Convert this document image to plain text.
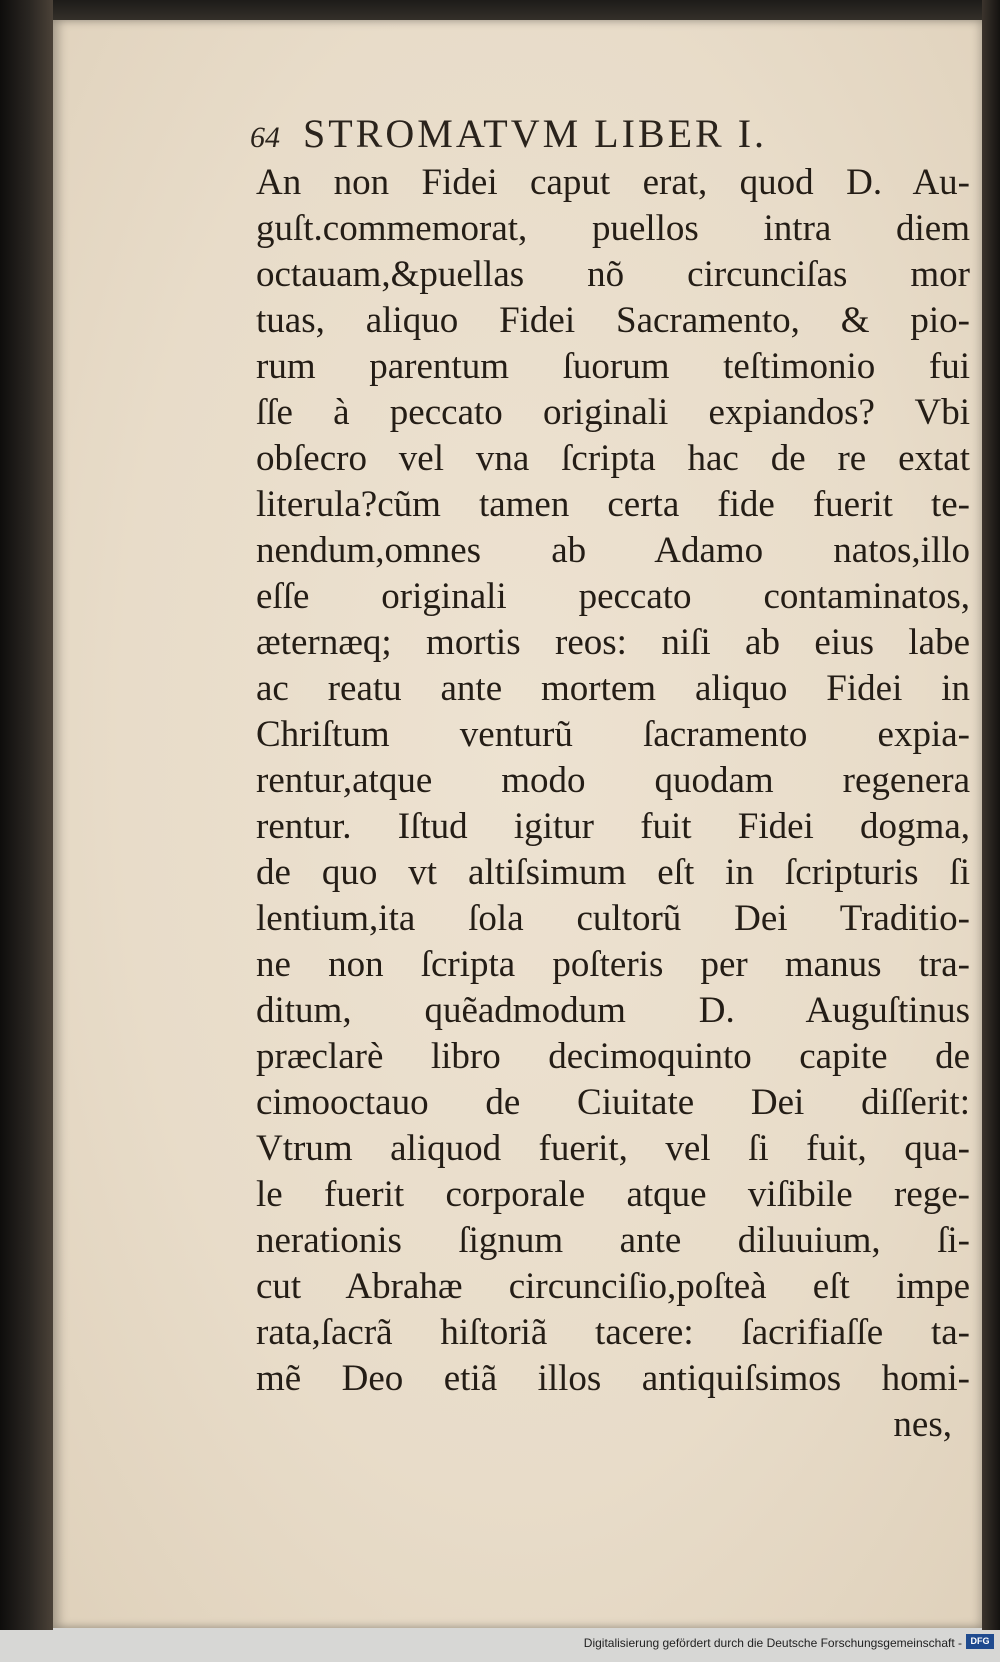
64 STROMATVM LIBER I.
An non Fidei caput erat, quod D. Au-
guſt.commemorat, puellos intra diem
octauam,&puellas nõ circunciſas mor
tuas, aliquo Fidei Sacramento, & pio-
rum parentum ſuorum teſtimonio fui
ſſe à peccato originali expiandos? Vbi
obſecro vel vna ſcripta hac de re extat
literula?cũm tamen certa fide fuerit te-
nendum,omnes ab Adamo natos,illo
eſſe originali peccato contaminatos,
æternæq; mortis reos: niſi ab eius labe
ac reatu ante mortem aliquo Fidei in
Chriſtum venturũ ſacramento expia-
rentur,atque modo quodam regenera
rentur. Iſtud igitur fuit Fidei dogma,
de quo vt altiſsimum eſt in ſcripturis ſi
lentium,ita ſola cultorũ Dei Traditio-
ne non ſcripta poſteris per manus tra-
ditum, quẽadmodum D. Auguſtinus
præclarè libro decimoquinto capite de
cimooctauo de Ciuitate Dei diſſerit:
Vtrum aliquod fuerit, vel ſi fuit, qua-
le fuerit corporale atque viſibile rege-
nerationis ſignum ante diluuium, ſi-
cut Abrahæ circunciſio,poſteà eſt impe
rata,ſacrã hiſtoriã tacere: ſacrifiaſſe ta-
mẽ Deo etiã illos antiquiſsimos homi-
nes,
Digitalisierung gefördert durch die Deutsche Forschungsgemeinschaft - DFG
